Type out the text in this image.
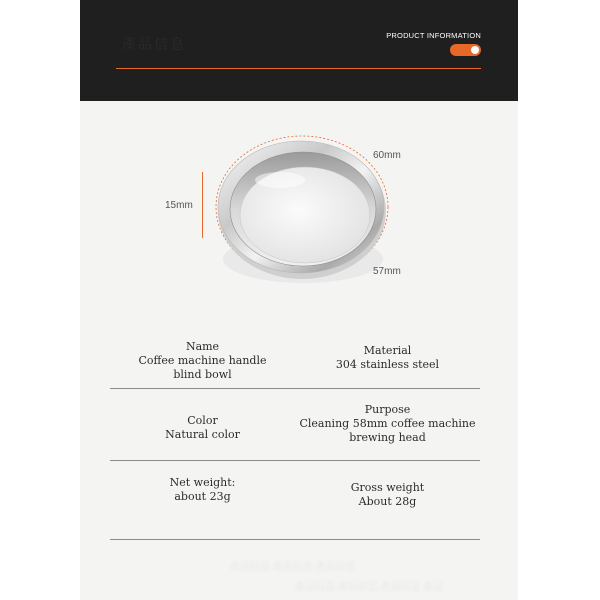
產品信息
PRODUCT INFORMATION
60mm
57mm
15mm
Name
Coffee machine handle
blind bowl
Material
304 stainless steel
Color
Natural color
Purpose
Cleaning 58mm coffee machine
brewing head
Net weight:
about 23g
Gross weight
About 28g
產品信息 產品信息 產品信息
產品信息 產品信息 產品信息 產品
